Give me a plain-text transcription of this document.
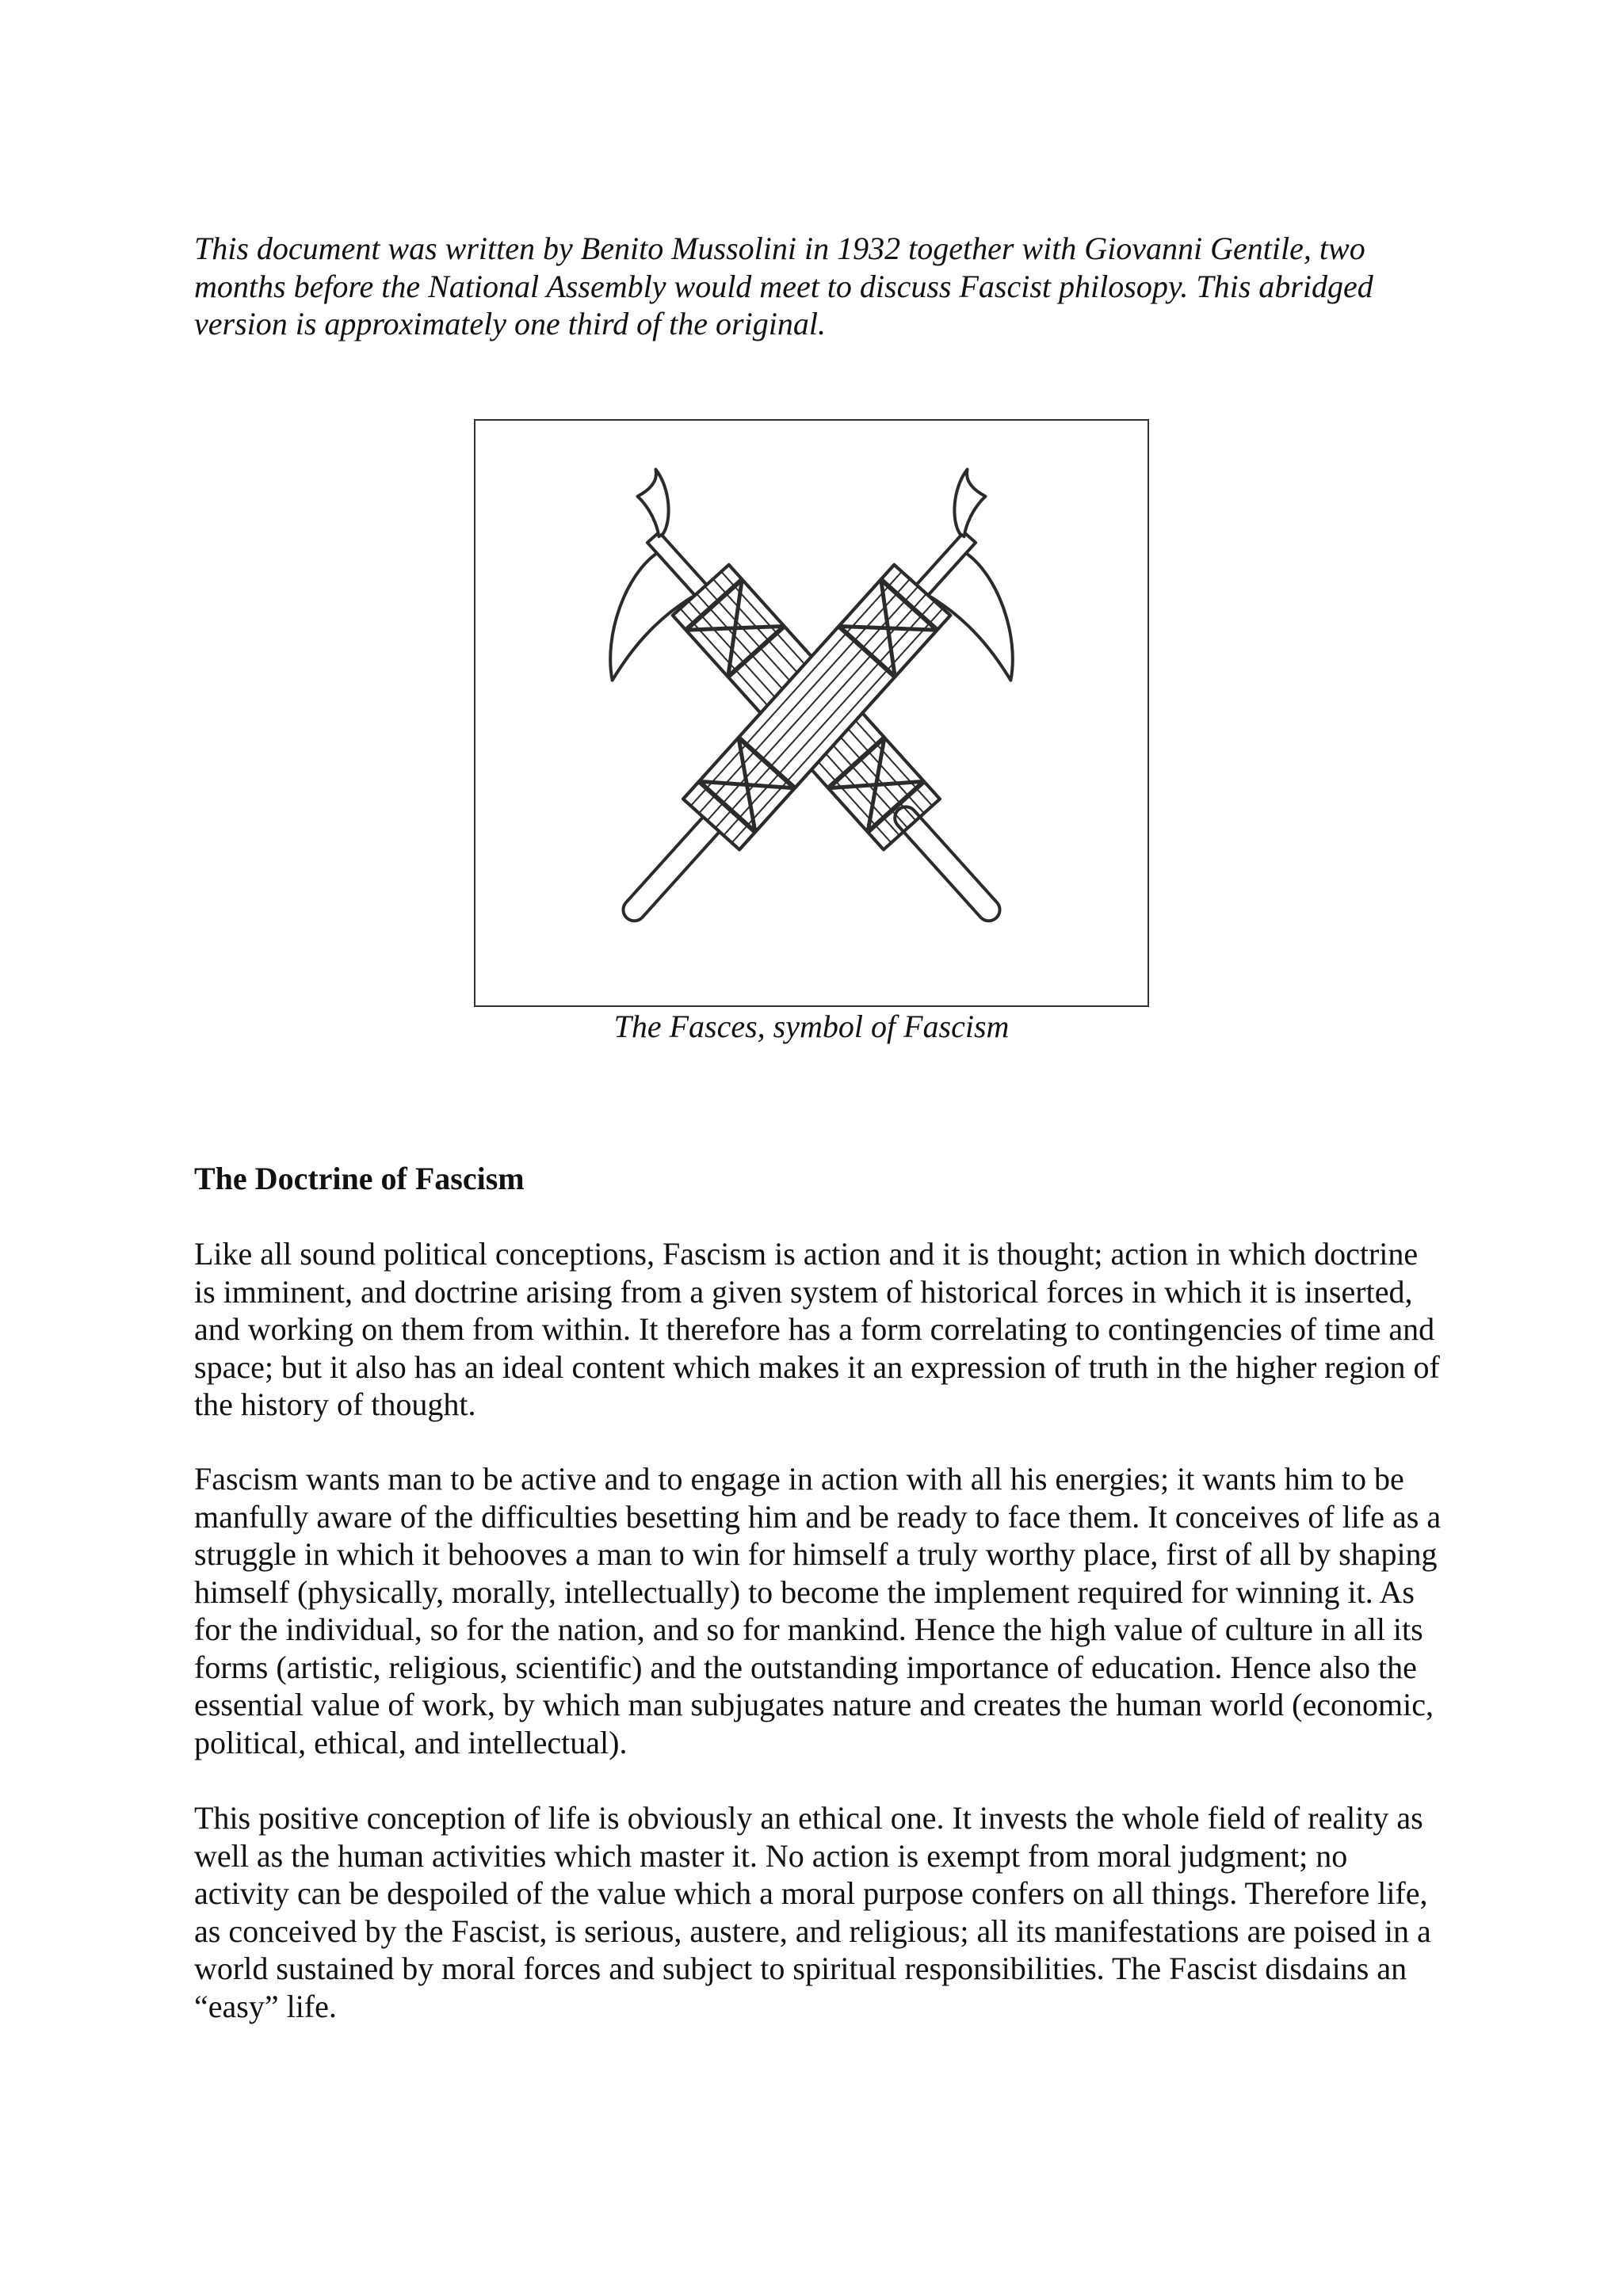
This document was written by Benito Mussolini in 1932 together with Giovanni Gentile, two months before the National Assembly would meet to discuss Fascist philosopy. This abridged version is approximately one third of the original.

The Fasces, symbol of Fascism
The Doctrine of Fascism

Like all sound political conceptions, Fascism is action and it is thought; action in which doctrine is imminent, and doctrine arising from a given system of historical forces in which it is inserted, and working on them from within. It therefore has a form correlating to contingencies of time and space; but it also has an ideal content which makes it an expression of truth in the higher region of the history of thought.

Fascism wants man to be active and to engage in action with all his energies; it wants him to be manfully aware of the difficulties besetting him and be ready to face them. It conceives of life as a struggle in which it behooves a man to win for himself a truly worthy place, first of all by shaping himself (physically, morally, intellectually) to become the implement required for winning it. As for the individual, so for the nation, and so for mankind. Hence the high value of culture in all its forms (artistic, religious, scientific) and the outstanding importance of education. Hence also the essential value of work, by which man subjugates nature and creates the human world (economic, political, ethical, and intellectual).

This positive conception of life is obviously an ethical one. It invests the whole field of reality as well as the human activities which master it. No action is exempt from moral judgment; no activity can be despoiled of the value which a moral purpose confers on all things. Therefore life, as conceived by the Fascist, is serious, austere, and religious; all its manifestations are poised in a world sustained by moral forces and subject to spiritual responsibilities. The Fascist disdains an “easy” life.
